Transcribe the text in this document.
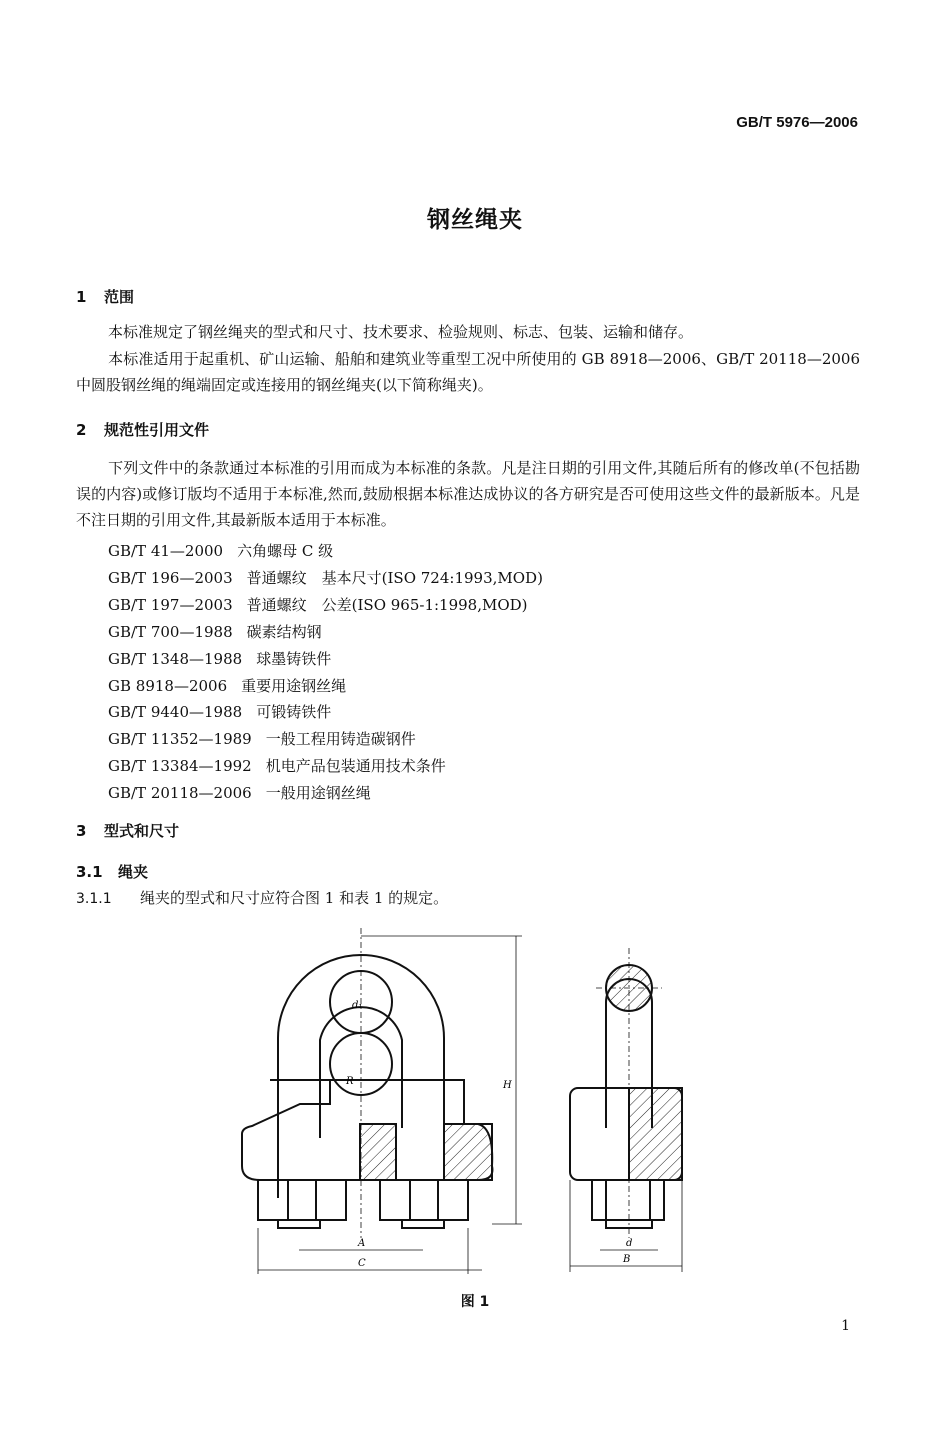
GB/T 5976—2006
钢丝绳夹
1 范围
本标准规定了钢丝绳夹的型式和尺寸、技术要求、检验规则、标志、包装、运输和储存。
本标准适用于起重机、矿山运输、船舶和建筑业等重型工况中所使用的 GB 8918—2006、GB/T 20118—2006中圆股钢丝绳的绳端固定或连接用的钢丝绳夹(以下简称绳夹)。
2 规范性引用文件
下列文件中的条款通过本标准的引用而成为本标准的条款。凡是注日期的引用文件,其随后所有的修改单(不包括勘误的内容)或修订版均不适用于本标准,然而,鼓励根据本标准达成协议的各方研究是否可使用这些文件的最新版本。凡是不注日期的引用文件,其最新版本适用于本标准。
GB/T 41—2000 六角螺母 C 级
GB/T 196—2003 普通螺纹　基本尺寸(ISO 724:1993,MOD)
GB/T 197—2003 普通螺纹　公差(ISO 965-1:1998,MOD)
GB/T 700—1988 碳素结构钢
GB/T 1348—1988 球墨铸铁件
GB 8918—2006 重要用途钢丝绳
GB/T 9440—1988 可锻铸铁件
GB/T 11352—1989 一般工程用铸造碳钢件
GB/T 13384—1992 机电产品包装通用技术条件
GB/T 20118—2006 一般用途钢丝绳
3 型式和尺寸
3.1 绳夹
3.1.1 绳夹的型式和尺寸应符合图 1 和表 1 的规定。
d₁
R	H
A
C
d
B
图 1
1
